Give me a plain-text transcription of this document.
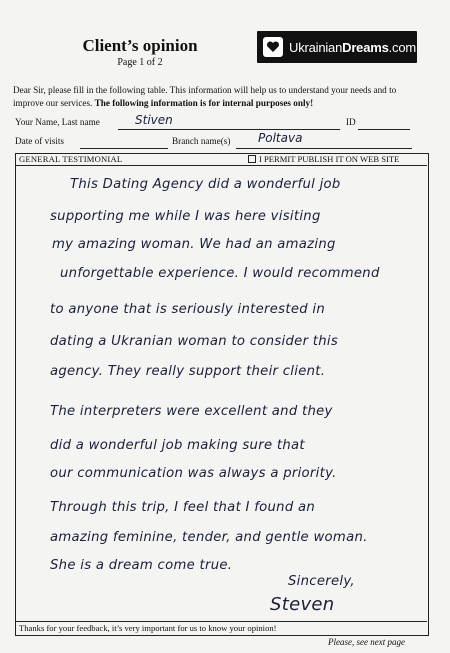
Client’s opinion
Page 1 of 2
UkrainianDreams.com
Dear Sir, please fill in the following table. This information will help us to understand your needs and to
improve our services. The following information is for internal purposes only!
Your Name, Last name	Stiven	ID
Date of visits	Branch name(s) Poltava
GENERAL TESTIMONIAL	I PERMIT PUBLISH IT ON WEB SITE
This Dating Agency did a wonderful job
supporting me while I was here visiting
my amazing woman. We had an amazing
unforgettable experience. I would recommend
to anyone that is seriously interested in
dating a Ukranian woman to consider this
agency. They really support their client.
The interpreters were excellent and they
did a wonderful job making sure that
our communication was always a priority.
Through this trip, I feel that I found an
amazing feminine, tender, and gentle woman.
She is a dream come true.
Sincerely,
Steven
Thanks for your feedback, it’s very important for us to know your opinion!
Please, see next page
